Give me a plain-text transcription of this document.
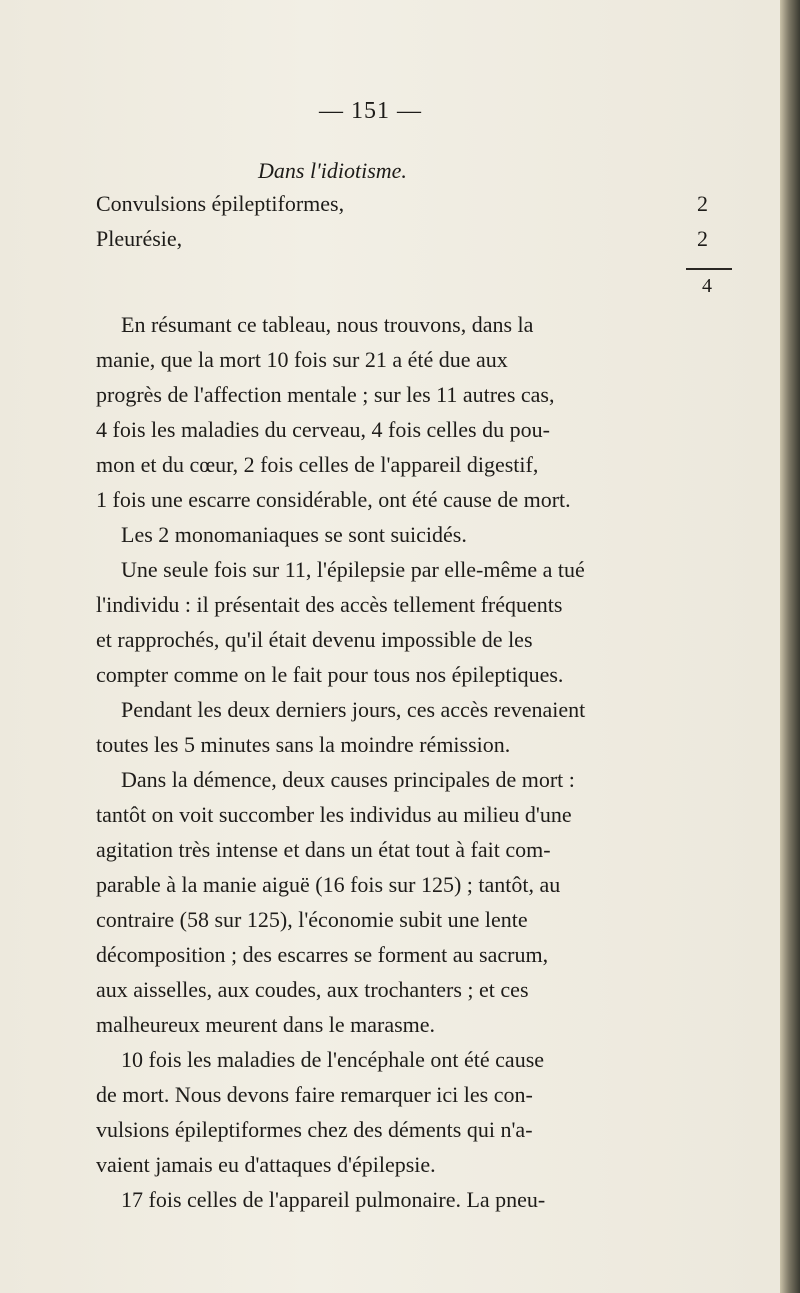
— 151 —
Dans l'idiotisme.
Convulsions épileptiformes,	2
Pleurésie,	2
4
En résumant ce tableau, nous trouvons, dans la
manie, que la mort 10 fois sur 21 a été due aux
progrès de l'affection mentale ; sur les 11 autres cas,
4 fois les maladies du cerveau, 4 fois celles du pou-
mon et du cœur, 2 fois celles de l'appareil digestif,
1 fois une escarre considérable, ont été cause de mort.
Les 2 monomaniaques se sont suicidés.
Une seule fois sur 11, l'épilepsie par elle-même a tué
l'individu : il présentait des accès tellement fréquents
et rapprochés, qu'il était devenu impossible de les
compter comme on le fait pour tous nos épileptiques.
Pendant les deux derniers jours, ces accès revenaient
toutes les 5 minutes sans la moindre rémission.
Dans la démence, deux causes principales de mort :
tantôt on voit succomber les individus au milieu d'une
agitation très intense et dans un état tout à fait com-
parable à la manie aiguë (16 fois sur 125) ; tantôt, au
contraire (58 sur 125), l'économie subit une lente
décomposition ; des escarres se forment au sacrum,
aux aisselles, aux coudes, aux trochanters ; et ces
malheureux meurent dans le marasme.
10 fois les maladies de l'encéphale ont été cause
de mort. Nous devons faire remarquer ici les con-
vulsions épileptiformes chez des déments qui n'a-
vaient jamais eu d'attaques d'épilepsie.
17 fois celles de l'appareil pulmonaire. La pneu-
